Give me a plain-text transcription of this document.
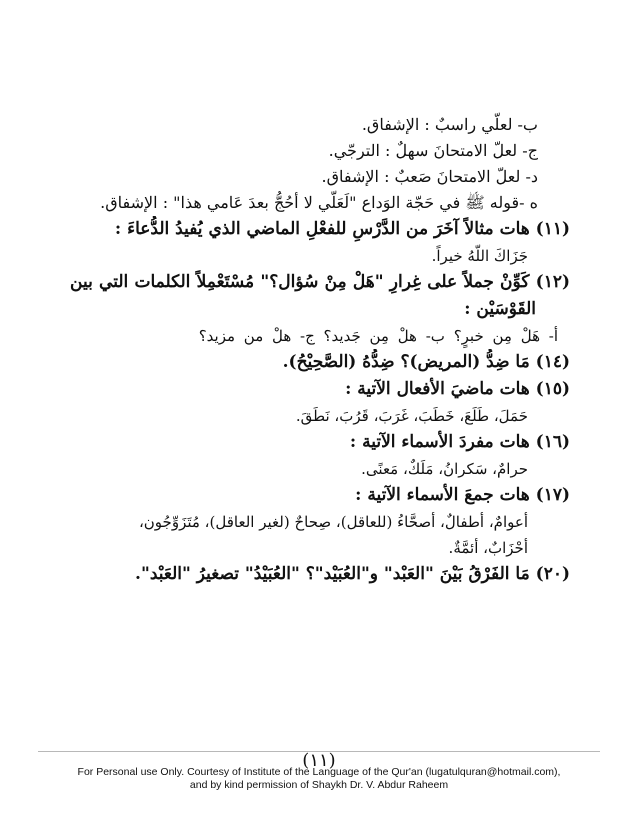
ب- لعلّي راسبٌ : الإشفاق.
ج- لعلّ الامتحانَ سهلٌ : الترجّي.
د- لعلّ الامتحانَ صَعبٌ : الإشفاق.
ه -قوله ﷺ في حَجّة الوَداع "لَعَلّي لا أحُجُّ بعدَ عَامي هذا" : الإشفاق.
(١١) هات مثالاً آخَرَ من الدَّرْسِ للفعْلِ الماضي الذي يُفيدُ الدُّعاءَ :
جَزَاكَ اللّهُ خيراً.
(١٢) كَوِّنْ جملاً على غِرارِ "هَلْ مِنْ سُؤال؟" مُسْتَعْمِلاً الكلمات التي بين
القَوْسَيْن :
أ- هَلْ مِن خبرٍ؟ ب- هلْ مِن جَديد؟ ج- هلْ من مزيد؟
(١٤) مَا ضِدُّ (المريض)؟ ضِدُّهُ (الصَّحِيْحُ).
(١٥) هات ماضيَ الأفعال الآتية :
حَمَلَ، طَلَعَ، خَطَبَ، غَرَبَ، قَرُبَ، نَطَقَ.
(١٦) هات مفردَ الأسماء الآتية :
حرامٌ، سَكرانُ، مَلَكٌ، مَعنًى.
(١٧) هات جمعَ الأسماء الآتية :
أعوامٌ، أطفالٌ، أصحَّاءُ (للعاقل)، صِحاحٌ (لغير العاقل)، مُتَزَوِّجُون،
أحْزَابٌ، أئمَّةٌ.
(٢٠) مَا الفَرْقُ بَيْنَ "العَبْد" و"العُبَيْد"؟ "العُبَيْدُ" تصغيرُ "العَبْد".
(١١)
For Personal use Only. Courtesy of Institute of the Language of the Qur'an (lugatulquran@hotmail.com),
and by kind permission of Shaykh Dr. V. Abdur Raheem
